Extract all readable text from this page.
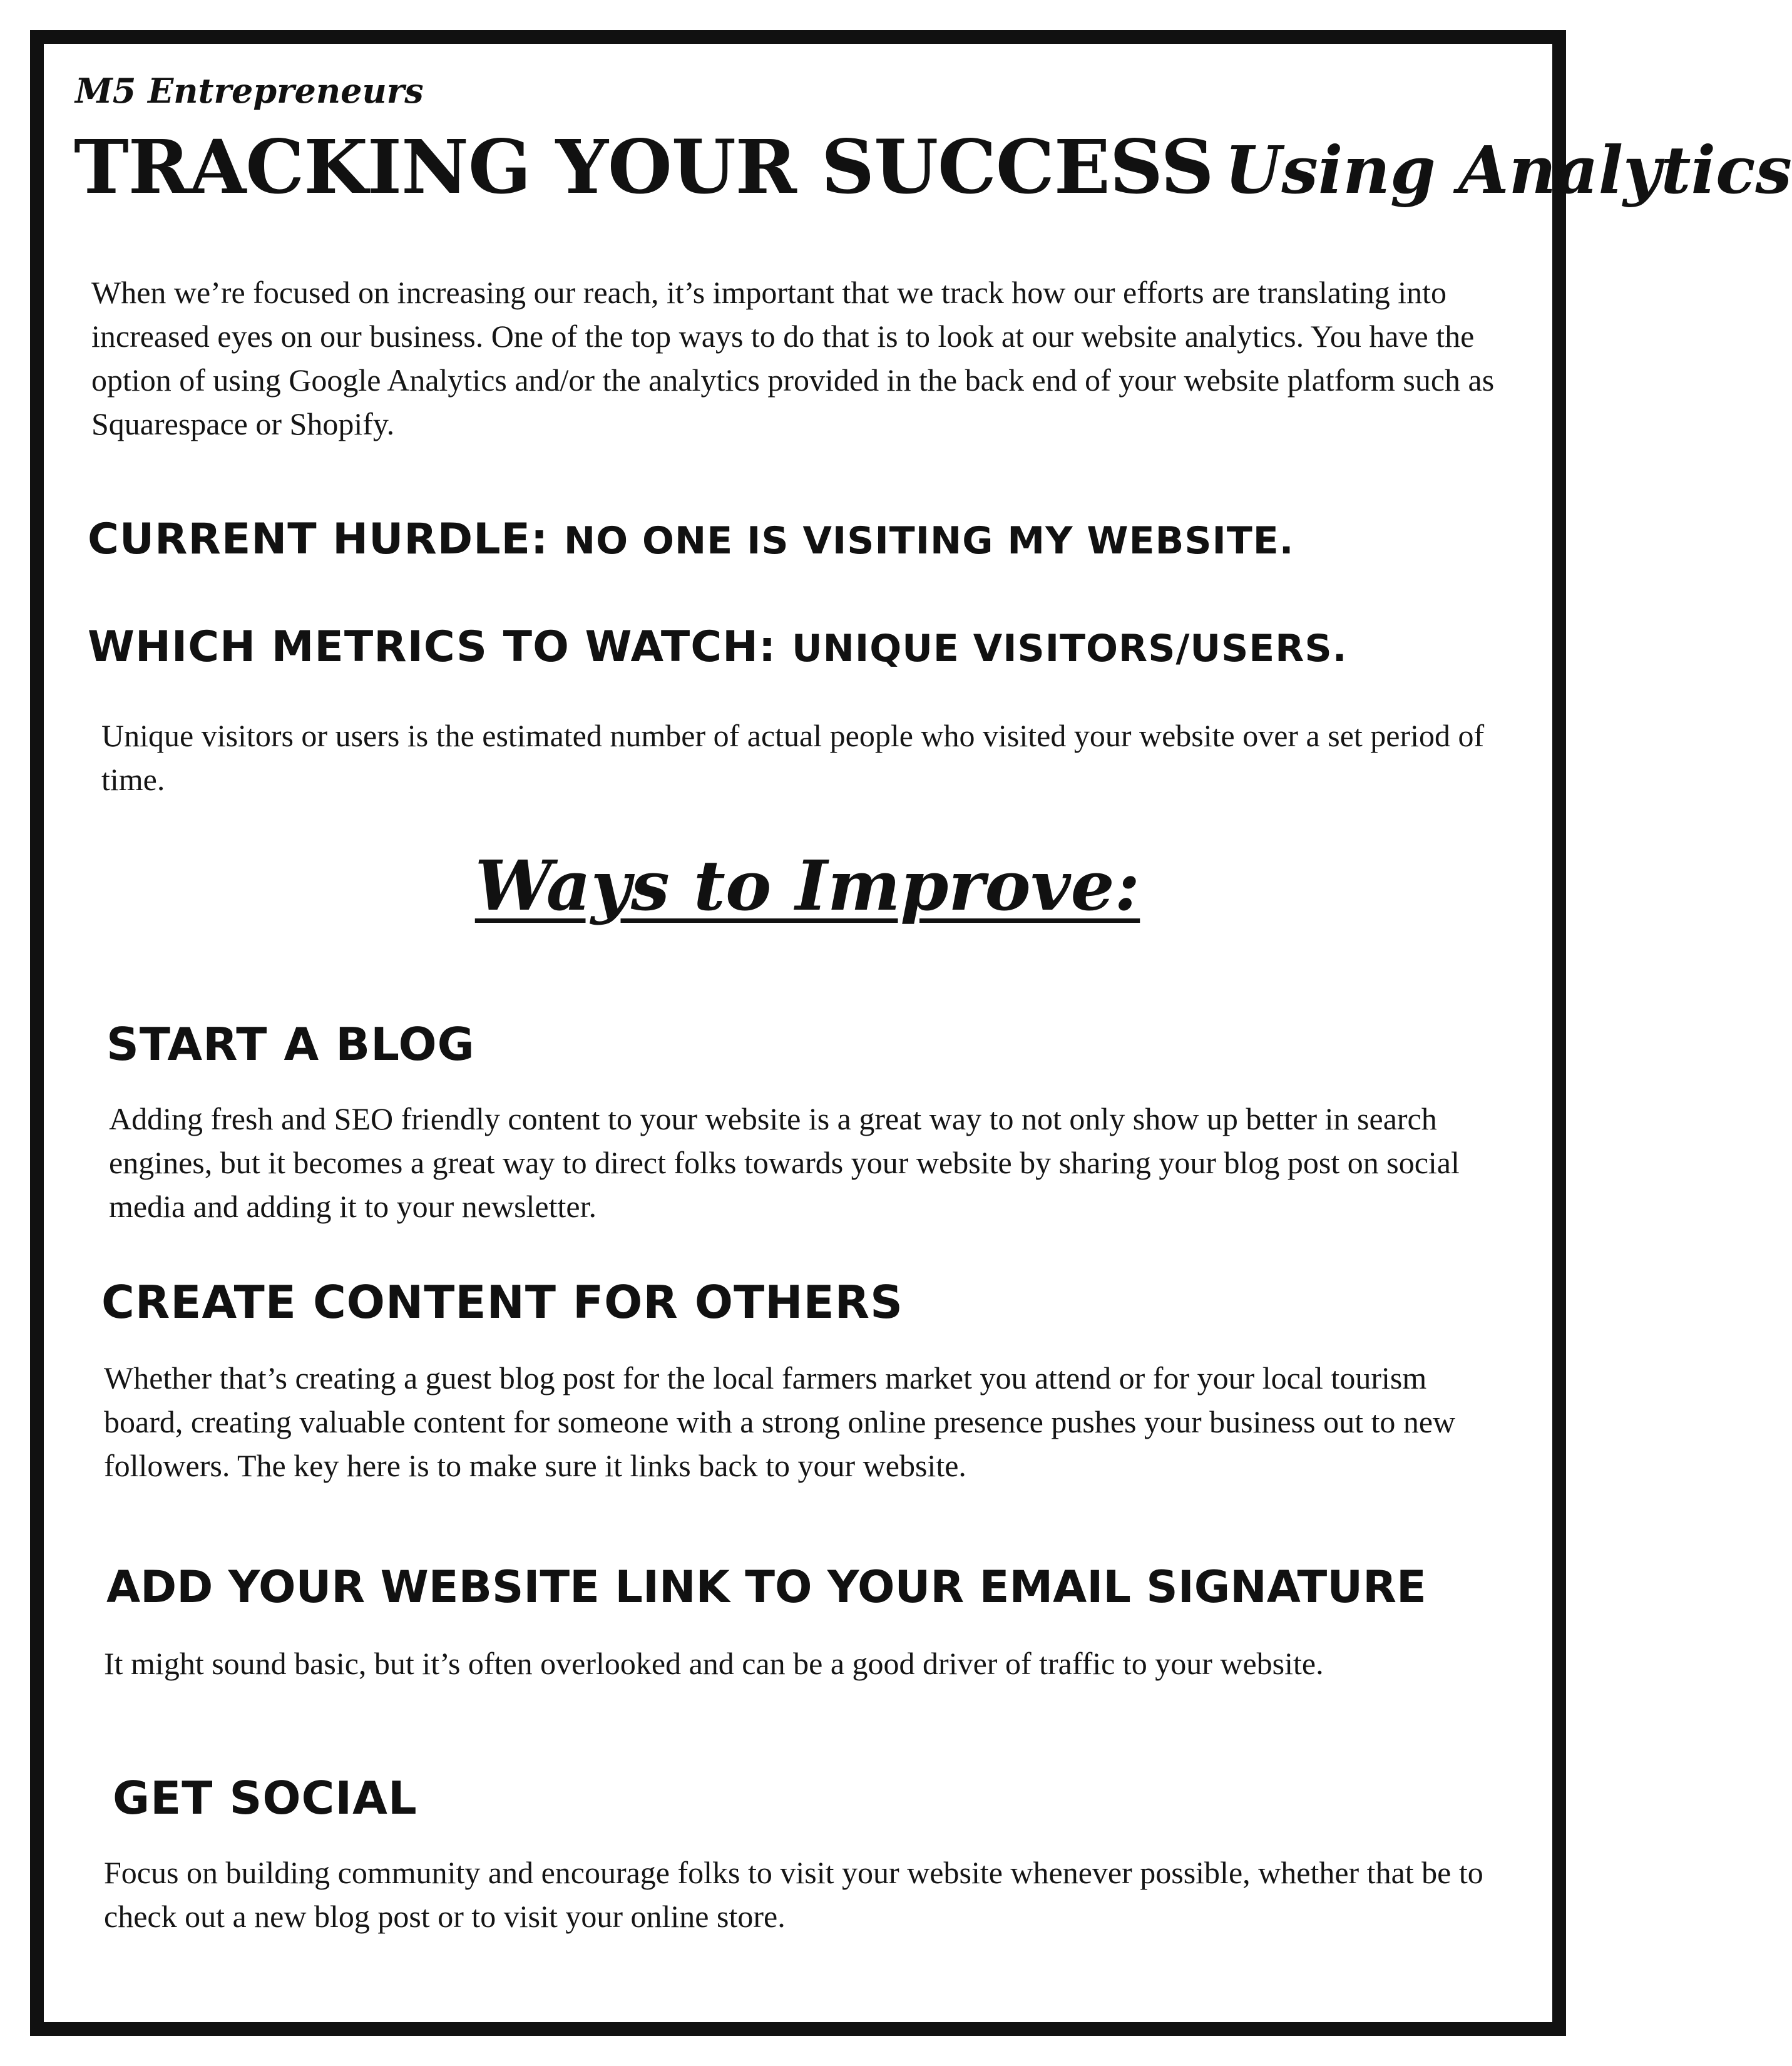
M5 Entrepreneurs
TRACKING YOUR SUCCESS Using Analytics

When we’re focused on increasing our reach, it’s important that we track how our efforts are translating into increased eyes on our business. One of the top ways to do that is to look at our website analytics. You have the option of using Google Analytics and/or the analytics provided in the back end of your website platform such as Squarespace or Shopify.

CURRENT HURDLE: NO ONE IS VISITING MY WEBSITE.
WHICH METRICS TO WATCH: UNIQUE VISITORS/USERS.

Unique visitors or users is the estimated number of actual people who visited your website over a set period of time.

Ways to Improve:
START A BLOG

Adding fresh and SEO friendly content to your website is a great way to not only show up better in search engines, but it becomes a great way to direct folks towards your website by sharing your blog post on social media and adding it to your newsletter.

CREATE CONTENT FOR OTHERS

Whether that’s creating a guest blog post for the local farmers market you attend or for your local tourism board, creating valuable content for someone with a strong online presence pushes your business out to new followers. The key here is to make sure it links back to your website.

ADD YOUR WEBSITE LINK TO YOUR EMAIL SIGNATURE

It might sound basic, but it’s often overlooked and can be a good driver of traffic to your website.

GET SOCIAL

Focus on building community and encourage folks to visit your website whenever possible, whether that be to check out a new blog post or to visit your online store.
